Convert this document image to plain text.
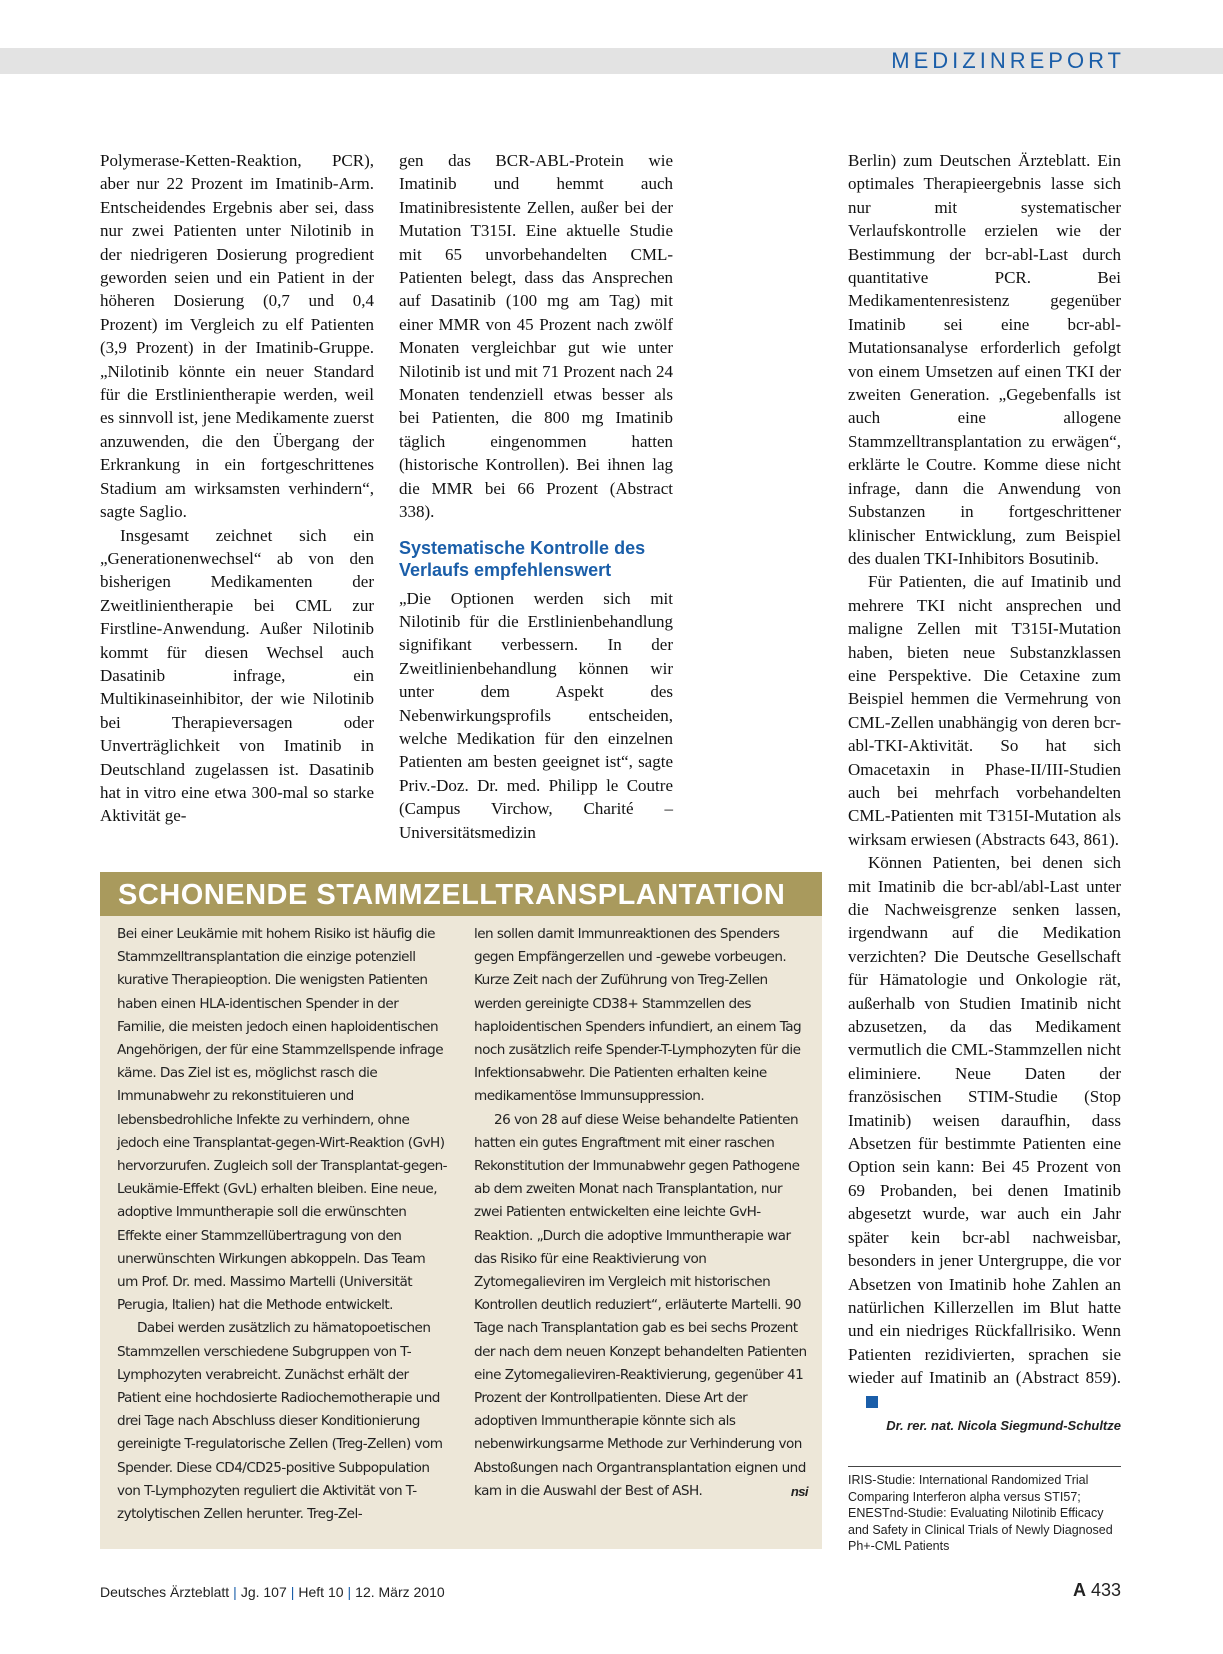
MEDIZINREPORT

Polymerase-Ketten-Reaktion, PCR), aber nur 22 Prozent im Imatinib-Arm. Entscheidendes Ergebnis aber sei, dass nur zwei Patienten unter Nilotinib in der niedrigeren Dosierung progredient geworden seien und ein Patient in der höheren Dosierung (0,7 und 0,4 Prozent) im Vergleich zu elf Patienten (3,9 Prozent) in der Imatinib-Gruppe. „Nilotinib könnte ein neuer Standard für die Erstlinientherapie werden, weil es sinnvoll ist, jene Medikamente zuerst anzuwenden, die den Übergang der Erkrankung in ein fortgeschrittenes Stadium am wirksamsten verhindern“, sagte Saglio.

Insgesamt zeichnet sich ein „Generationenwechsel“ ab von den bisherigen Medikamenten der Zweitlinientherapie bei CML zur Firstline-Anwendung. Außer Nilotinib kommt für diesen Wechsel auch Dasatinib infrage, ein Multikinaseinhibitor, der wie Nilotinib bei Therapieversagen oder Unverträglichkeit von Imatinib in Deutschland zugelassen ist. Dasatinib hat in vitro eine etwa 300-mal so starke Aktivität ge-

gen das BCR-ABL-Protein wie Imatinib und hemmt auch Imatinibresistente Zellen, außer bei der Mutation T315I. Eine aktuelle Studie mit 65 unvorbehandelten CML-Patienten belegt, dass das Ansprechen auf Dasatinib (100 mg am Tag) mit einer MMR von 45 Prozent nach zwölf Monaten vergleichbar gut wie unter Nilotinib ist und mit 71 Prozent nach 24 Monaten tendenziell etwas besser als bei Patienten, die 800 mg Imatinib täglich eingenommen hatten (historische Kontrollen). Bei ihnen lag die MMR bei 66 Prozent (Abstract 338).

Systematische Kontrolle des Verlaufs empfehlenswert

„Die Optionen werden sich mit Nilotinib für die Erstlinienbehandlung signifikant verbessern. In der Zweitlinienbehandlung können wir unter dem Aspekt des Nebenwirkungsprofils entscheiden, welche Medikation für den einzelnen Patienten am besten geeignet ist“, sagte Priv.-Doz. Dr. med. Philipp le Coutre (Campus Virchow, Charité – Universitätsmedizin

Berlin) zum Deutschen Ärzteblatt. Ein optimales Therapieergebnis lasse sich nur mit systematischer Verlaufskontrolle erzielen wie der Bestimmung der bcr-abl-Last durch quantitative PCR. Bei Medikamentenresistenz gegenüber Imatinib sei eine bcr-abl-Mutationsanalyse erforderlich gefolgt von einem Umsetzen auf einen TKI der zweiten Generation. „Gegebenfalls ist auch eine allogene Stammzelltransplantation zu erwägen“, erklärte le Coutre. Komme diese nicht infrage, dann die Anwendung von Substanzen in fortgeschrittener klinischer Entwicklung, zum Beispiel des dualen TKI-Inhibitors Bosutinib.

Für Patienten, die auf Imatinib und mehrere TKI nicht ansprechen und maligne Zellen mit T315I-Mutation haben, bieten neue Substanzklassen eine Perspektive. Die Cetaxine zum Beispiel hemmen die Vermehrung von CML-Zellen unabhängig von deren bcr-abl-TKI-Aktivität. So hat sich Omacetaxin in Phase-II/III-Studien auch bei mehrfach vorbehandelten CML-Patienten mit T315I-Mutation als wirksam erwiesen (Abstracts 643, 861).

Können Patienten, bei denen sich mit Imatinib die bcr-abl/abl-Last unter die Nachweisgrenze senken lassen, irgendwann auf die Medikation verzichten? Die Deutsche Gesellschaft für Hämatologie und Onkologie rät, außerhalb von Studien Imatinib nicht abzusetzen, da das Medikament vermutlich die CML-Stammzellen nicht eliminiere. Neue Daten der französischen STIM-Studie (Stop Imatinib) weisen daraufhin, dass Absetzen für bestimmte Patienten eine Option sein kann: Bei 45 Prozent von 69 Probanden, bei denen Imatinib abgesetzt wurde, war auch ein Jahr später kein bcr-abl nachweisbar, besonders in jener Untergruppe, die vor Absetzen von Imatinib hohe Zahlen an natürlichen Killerzellen im Blut hatte und ein niedriges Rückfallrisiko. Wenn Patienten rezidivierten, sprachen sie wieder auf Imatinib an (Abstract 859).

Dr. rer. nat. Nicola Siegmund-Schultze
IRIS-Studie: International Randomized Trial Comparing Interferon alpha versus STI57; ENESTnd-Studie: Evaluating Nilotinib Efficacy and Safety in Clinical Trials of Newly Diagnosed Ph+-CML Patients
SCHONENDE STAMMZELLTRANSPLANTATION

Bei einer Leukämie mit hohem Risiko ist häufig die Stammzelltransplantation die einzige potenziell kurative Therapieoption. Die wenigsten Patienten haben einen HLA-identischen Spender in der Familie, die meisten jedoch einen haploidentischen Angehörigen, der für eine Stammzellspende infrage käme. Das Ziel ist es, möglichst rasch die Immunabwehr zu rekonstituieren und lebensbedrohliche Infekte zu verhindern, ohne jedoch eine Transplantat-gegen-Wirt-Reaktion (GvH) hervorzurufen. Zugleich soll der Transplantat-gegen-Leukämie-Effekt (GvL) erhalten bleiben. Eine neue, adoptive Immuntherapie soll die erwünschten Effekte einer Stammzellübertragung von den unerwünschten Wirkungen abkoppeln. Das Team um Prof. Dr. med. Massimo Martelli (Universität Perugia, Italien) hat die Methode entwickelt.

Dabei werden zusätzlich zu hämatopoetischen Stammzellen verschiedene Subgruppen von T-Lymphozyten verabreicht. Zunächst erhält der Patient eine hochdosierte Radiochemotherapie und drei Tage nach Abschluss dieser Konditionierung gereinigte T-regulatorische Zellen (Treg-Zellen) vom Spender. Diese CD4/CD25-positive Subpopulation von T-Lymphozyten reguliert die Aktivität von T-zytolytischen Zellen herunter. Treg-Zel-

len sollen damit Immunreaktionen des Spenders gegen Empfängerzellen und -gewebe vorbeugen. Kurze Zeit nach der Zuführung von Treg-Zellen werden gereinigte CD38+ Stammzellen des haploidentischen Spenders infundiert, an einem Tag noch zusätzlich reife Spender-T-Lymphozyten für die Infektionsabwehr. Die Patienten erhalten keine medikamentöse Immunsuppression.

26 von 28 auf diese Weise behandelte Patienten hatten ein gutes Engraftment mit einer raschen Rekonstitution der Immunabwehr gegen Pathogene ab dem zweiten Monat nach Transplantation, nur zwei Patienten entwickelten eine leichte GvH-Reaktion. „Durch die adoptive Immuntherapie war das Risiko für eine Reaktivierung von Zytomegalieviren im Vergleich mit historischen Kontrollen deutlich reduziert“, erläuterte Martelli. 90 Tage nach Transplantation gab es bei sechs Prozent der nach dem neuen Konzept behandelten Patienten eine Zytomegalieviren-Reaktivierung, gegenüber 41 Prozent der Kontrollpatienten. Diese Art der adoptiven Immuntherapie könnte sich als nebenwirkungsarme Methode zur Verhinderung von Abstoßungen nach Organtransplantation eignen und kam in die Auswahl der Best of ASH.	nsi

Deutsches Ärzteblatt | Jg. 107 | Heft 10 | 12. März 2010	A 433
